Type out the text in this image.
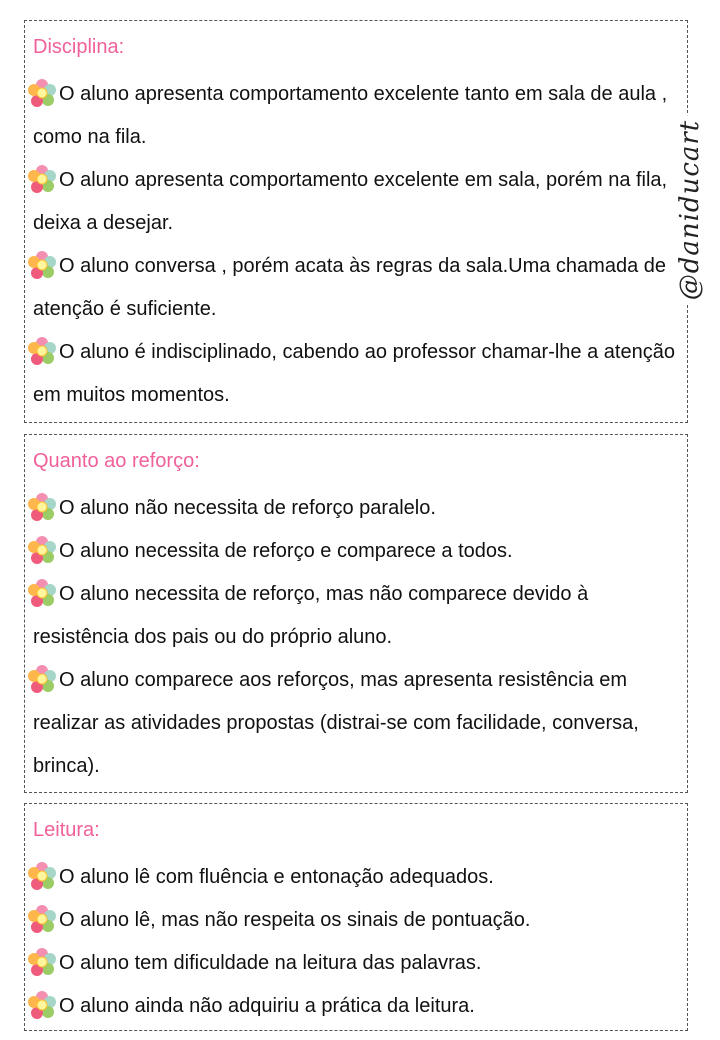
Disciplina:
O aluno apresenta comportamento excelente tanto em sala de aula , como na fila.
O aluno apresenta comportamento excelente em sala, porém na fila, deixa a desejar.
O aluno conversa , porém acata às regras da sala.Uma chamada de atenção é suficiente.
O aluno é indisciplinado, cabendo ao professor chamar-lhe a atenção em muitos momentos.
Quanto ao reforço:
O aluno não necessita de reforço paralelo.
O aluno necessita de reforço e comparece a todos.
O aluno necessita de reforço, mas não comparece devido à resistência dos pais ou do próprio aluno.
O aluno comparece aos reforços, mas apresenta resistência em realizar as atividades propostas (distrai-se com facilidade, conversa, brinca).
Leitura:
O aluno lê com fluência e entonação adequados.
O aluno lê, mas não respeita os sinais de pontuação.
O aluno tem dificuldade na leitura das palavras.
O aluno ainda não adquiriu a prática da leitura.
@daniducart
